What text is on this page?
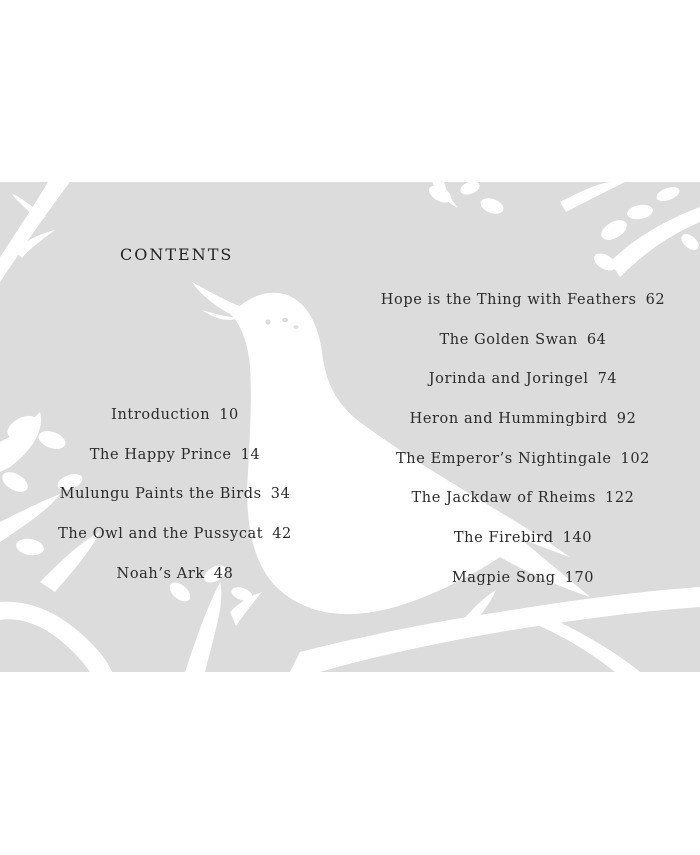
CONTENTS
Introduction 10
The Happy Prince 14
Mulungu Paints the Birds 34
The Owl and the Pussycat 42
Noah’s Ark 48
Hope is the Thing with Feathers 62
The Golden Swan 64
Jorinda and Joringel 74
Heron and Hummingbird 92
The Emperor’s Nightingale 102
The Jackdaw of Rheims 122
The Firebird 140
Magpie Song 170
